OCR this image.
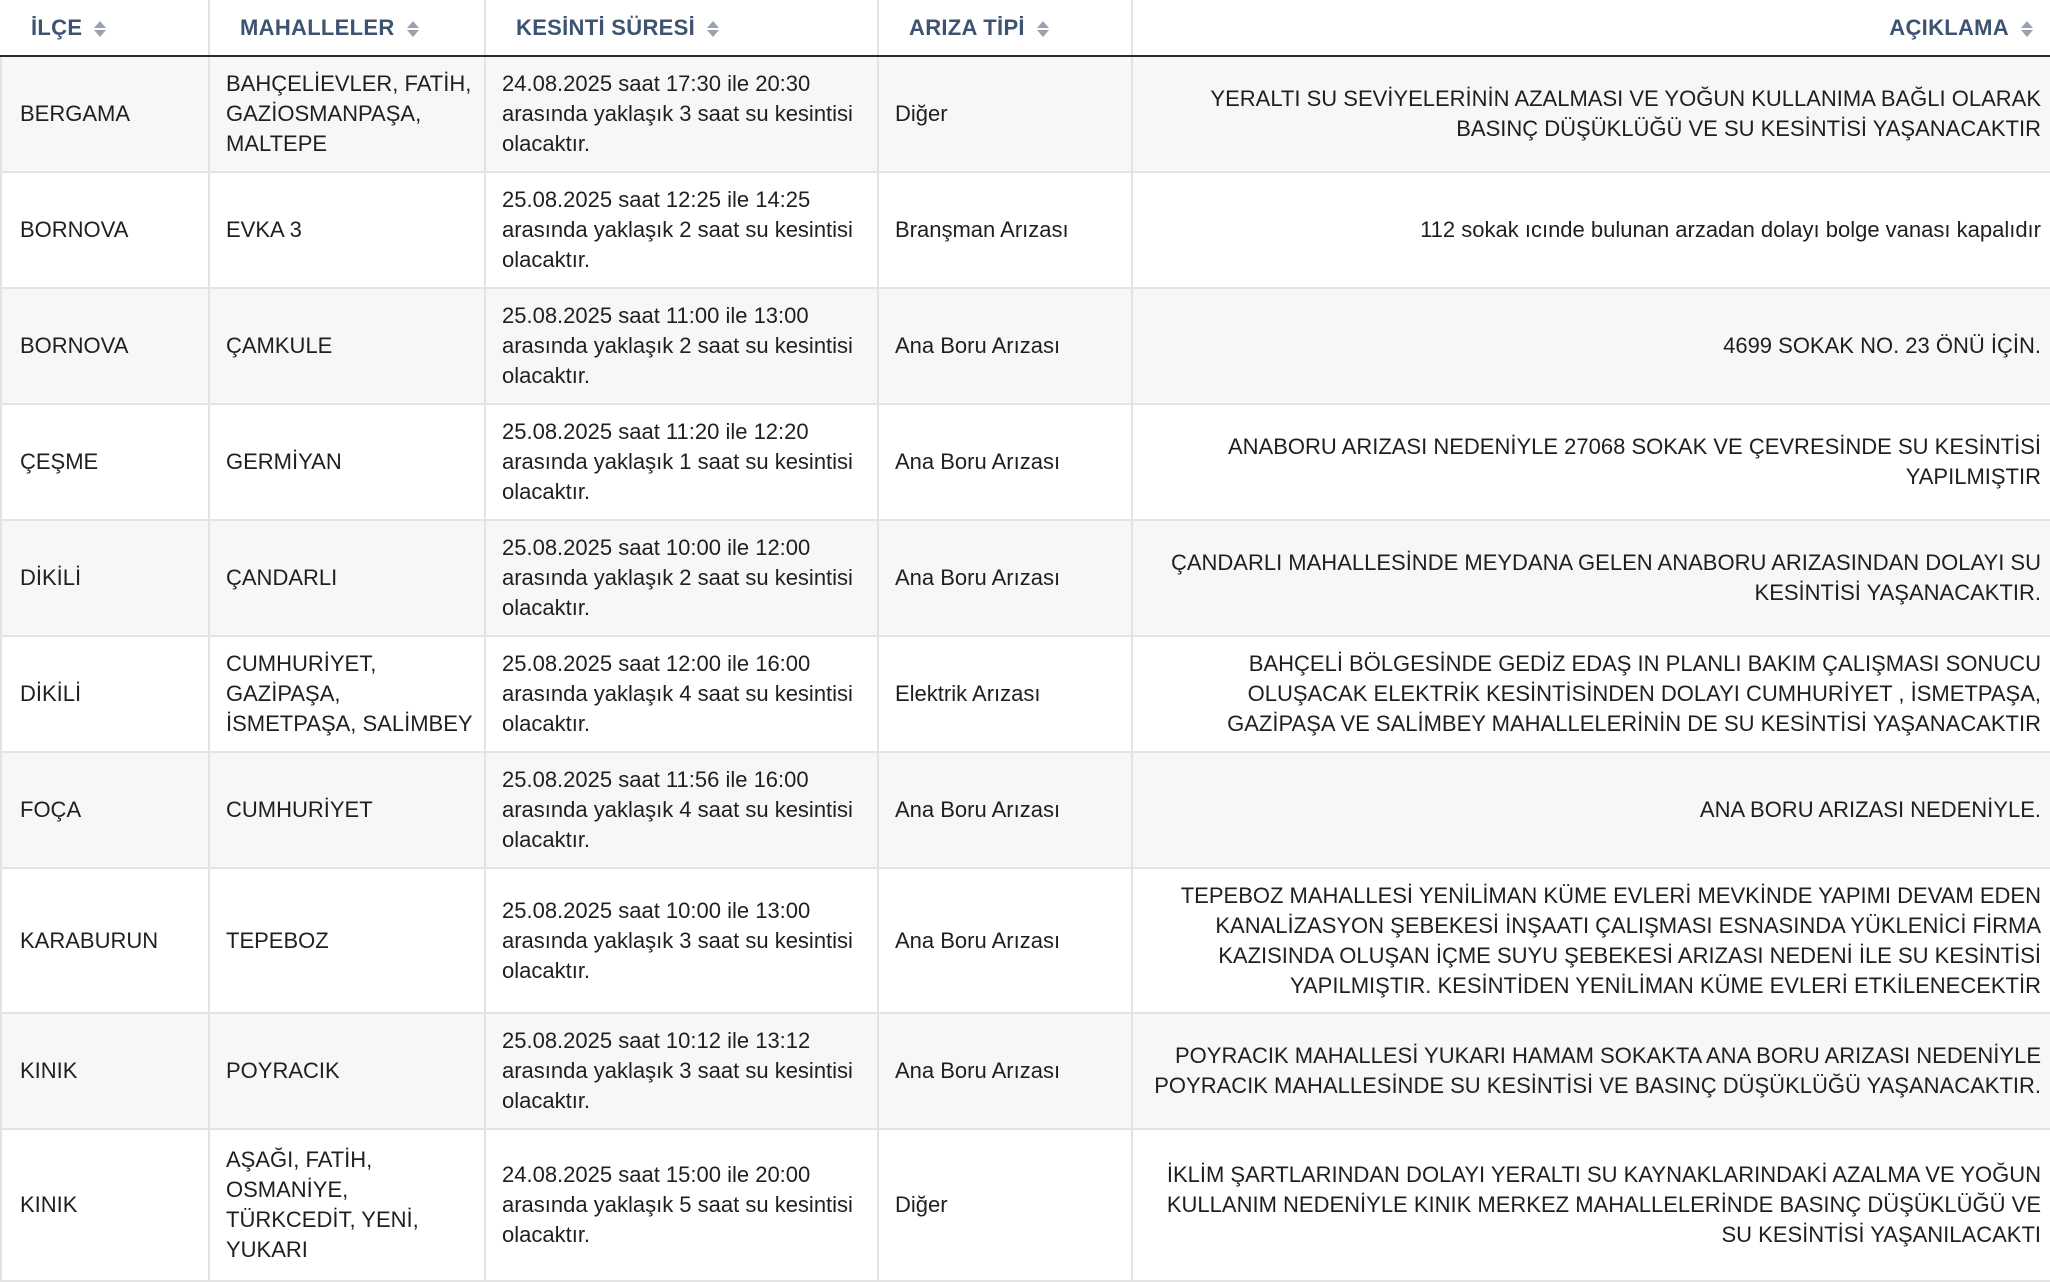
İLÇE	MAHALLELER	KESİNTİ SÜRESİ	ARIZA TİPİ	AÇIKLAMA
BERGAMA	BAHÇELİEVLER, FATİH, GAZİOSMANPAŞA, MALTEPE	24.08.2025 saat 17:30 ile 20:30 arasında yaklaşık 3 saat su kesintisi olacaktır.	Diğer	YERALTI SU SEVİYELERİNİN AZALMASI VE YOĞUN KULLANIMA BAĞLI OLARAK BASINÇ DÜŞÜKLÜĞÜ VE SU KESİNTİSİ YAŞANACAKTIR
BORNOVA	EVKA 3	25.08.2025 saat 12:25 ile 14:25 arasında yaklaşık 2 saat su kesintisi olacaktır.	Branşman Arızası	112 sokak ıcınde bulunan arzadan dolayı bolge vanası kapalıdır
BORNOVA	ÇAMKULE	25.08.2025 saat 11:00 ile 13:00 arasında yaklaşık 2 saat su kesintisi olacaktır.	Ana Boru Arızası	4699 SOKAK NO. 23 ÖNÜ İÇİN.
ÇEŞME	GERMİYAN	25.08.2025 saat 11:20 ile 12:20 arasında yaklaşık 1 saat su kesintisi olacaktır.	Ana Boru Arızası	ANABORU ARIZASI NEDENİYLE 27068 SOKAK VE ÇEVRESİNDE SU KESİNTİSİ YAPILMIŞTIR
DİKİLİ	ÇANDARLI	25.08.2025 saat 10:00 ile 12:00 arasında yaklaşık 2 saat su kesintisi olacaktır.	Ana Boru Arızası	ÇANDARLI MAHALLESİNDE MEYDANA GELEN ANABORU ARIZASINDAN DOLAYI SU KESİNTİSİ YAŞANACAKTIR.
DİKİLİ	CUMHURİYET, GAZİPAŞA, İSMETPAŞA, SALİMBEY	25.08.2025 saat 12:00 ile 16:00 arasında yaklaşık 4 saat su kesintisi olacaktır.	Elektrik Arızası	BAHÇELİ BÖLGESİNDE GEDİZ EDAŞ IN PLANLI BAKIM ÇALIŞMASI SONUCU OLUŞACAK ELEKTRİK KESİNTİSİNDEN DOLAYI CUMHURİYET , İSMETPAŞA, GAZİPAŞA VE SALİMBEY MAHALLELERİNİN DE SU KESİNTİSİ YAŞANACAKTIR
FOÇA	CUMHURİYET	25.08.2025 saat 11:56 ile 16:00 arasında yaklaşık 4 saat su kesintisi olacaktır.	Ana Boru Arızası	ANA BORU ARIZASI NEDENİYLE.
KARABURUN	TEPEBOZ	25.08.2025 saat 10:00 ile 13:00 arasında yaklaşık 3 saat su kesintisi olacaktır.	Ana Boru Arızası	TEPEBOZ MAHALLESİ YENİLİMAN KÜME EVLERİ MEVKİNDE YAPIMI DEVAM EDEN KANALİZASYON ŞEBEKESİ İNŞAATI ÇALIŞMASI ESNASINDA YÜKLENİCİ FİRMA KAZISINDA OLUŞAN İÇME SUYU ŞEBEKESİ ARIZASI NEDENİ İLE SU KESİNTİSİ YAPILMIŞTIR. KESİNTİDEN YENİLİMAN KÜME EVLERİ ETKİLENECEKTİR
KINIK	POYRACIK	25.08.2025 saat 10:12 ile 13:12 arasında yaklaşık 3 saat su kesintisi olacaktır.	Ana Boru Arızası	POYRACIK MAHALLESİ YUKARI HAMAM SOKAKTA ANA BORU ARIZASI NEDENİYLE POYRACIK MAHALLESİNDE SU KESİNTİSİ VE BASINÇ DÜŞÜKLÜĞÜ YAŞANACAKTIR.
KINIK	AŞAĞI, FATİH, OSMANİYE, TÜRKCEDİT, YENİ, YUKARI	24.08.2025 saat 15:00 ile 20:00 arasında yaklaşık 5 saat su kesintisi olacaktır.	Diğer	İKLİM ŞARTLARINDAN DOLAYI YERALTI SU KAYNAKLARINDAKİ AZALMA VE YOĞUN KULLANIM NEDENİYLE KINIK MERKEZ MAHALLELERİNDE BASINÇ DÜŞÜKLÜĞÜ VE SU KESİNTİSİ YAŞANILACAKTI
